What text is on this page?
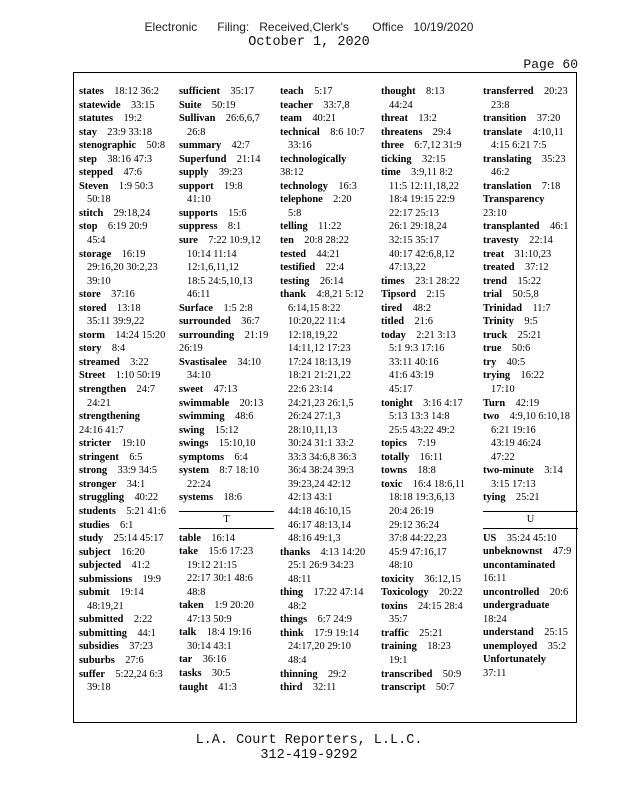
Electronic      Filing:   Received,Clerk's       Office   10/19/2020
October 1, 2020
Page 60
states  18:12 36:2
statewide  33:15
statutes  19:2
stay  23:9 33:18
stenographic  50:8
step  38:16 47:3
stepped  47:6
Steven  1:9 50:3
50:18
stitch  29:18,24
stop  6:19 20:9
45:4
storage  16:19
29:16,20 30:2,23
39:10
store  37:16
stored  13:18
35:11 39:9,22
storm  14:24 15:20
story  8:4
streamed  3:22
Street  1:10 50:19
strengthen  24:7
24:21
strengthening 24:16 41:7
stricter  19:10
stringent  6:5
strong  33:9 34:5
stronger  34:1
struggling  40:22
students  5:21 41:6
studies  6:1
study  25:14 45:17
subject  16:20
subjected  41:2
submissions  19:9
submit  19:14
48:19,21
submitted  2:22
submitting  44:1
subsidies  37:23
suburbs  27:6
suffer  5:22,24 6:3
39:18
sufficient  35:17
Suite  50:19
Sullivan  26:6,6,7
26:8
summary  42:7
Superfund  21:14
supply  39:23
support  19:8
41:10
supports  15:6
suppress  8:1
sure  7:22 10:9,12
10:14 11:14
12:1,6,11,12
18:5 24:5,10,13
46:11
Surface  1:5 2:8
surrounded  36:7
surrounding  21:19 26:19
Svastisalee  34:10
34:10
sweet  47:13
swimmable  20:13
swimming  48:6
swing  15:12
swings  15:10,10
symptoms  6:4
system  8:7 18:10
22:24
systems  18:6
T
table  16:14
take  15:6 17:23
19:12 21:15
22:17 30:1 48:6
48:8
taken  1:9 20:20
47:13 50:9
talk  18:4 19:16
30:14 43:1
tar  36:16
tasks  30:5
taught  41:3
teach  5:17
teacher  33:7,8
team  40:21
technical  8:6 10:7
33:16
technologically 38:12
technology  16:3
telephone  2:20
5:8
telling  11:22
ten  20:8 28:22
tested  44:21
testified  22:4
testing  26:14
thank  4:8,21 5:12
6:14,15 8:22
10:20,22 11:4
12:18,19,22
14:11,12 17:23
17:24 18:13,19
18:21 21:21,22
22:6 23:14
24:21,23 26:1,5
26:24 27:1,3
28:10,11,13
30:24 31:1 33:2
33:3 34:6,8 36:3
36:4 38:24 39:3
39:23,24 42:12
42:13 43:1
44:18 46:10,15
46:17 48:13,14
48:16 49:1,3
thanks  4:13 14:20
25:1 26:9 34:23
48:11
thing  17:22 47:14
48:2
things  6:7 24:9
think  17:9 19:14
24:17,20 29:10
48:4
thinning  29:2
third  32:11
thought  8:13
44:24
threat  13:2
threatens  29:4
three  6:7,12 31:9
ticking  32:15
time  3:9,11 8:2
11:5 12:11,18,22
18:4 19:15 22:9
22:17 25:13
26:1 29:18,24
32:15 35:17
40:17 42:6,8,12
47:13,22
times  23:1 28:22
Tipsord  2:15
tired  48:2
titled  21:6
today  2:21 3:13
5:1 9:3 17:16
33:11 40:16
41:6 43:19
45:17
tonight  3:16 4:17
5:13 13:3 14:8
25:5 43:22 49:2
topics  7:19
totally  16:11
towns  18:8
toxic  16:4 18:6,11
18:18 19:3,6,13
20:4 26:19
29:12 36:24
37:8 44:22,23
45:9 47:16,17
48:10
toxicity  36:12,15
Toxicology  20:22
toxins  24:15 28:4
35:7
traffic  25:21
training  18:23
19:1
transcribed  50:9
transcript  50:7
transferred  20:23
23:8
transition  37:20
translate  4:10,11
4:15 6:21 7:5
translating  35:23
46:2
translation  7:18
Transparency 23:10
transplanted  46:1
travesty  22:14
treat  31:10,23
treated  37:12
trend  15:22
trial  50:5,8
Trinidad  11:7
Trinity  9:5
truck  25:21
true  50:6
try  40:5
trying  16:22
17:10
Turn  42:19
two  4:9,10 6:10,18
6:21 19:16
43:19 46:24
47:22
two-minute  3:14
3:15 17:13
tying  25:21
U
US  35:24 45:10
unbeknownst  47:9
uncontaminated 16:11
uncontrolled  20:6
undergraduate 18:24
understand  25:15
unemployed  35:2
Unfortunately 37:11
L.A. Court Reporters, L.L.C.
312-419-9292
